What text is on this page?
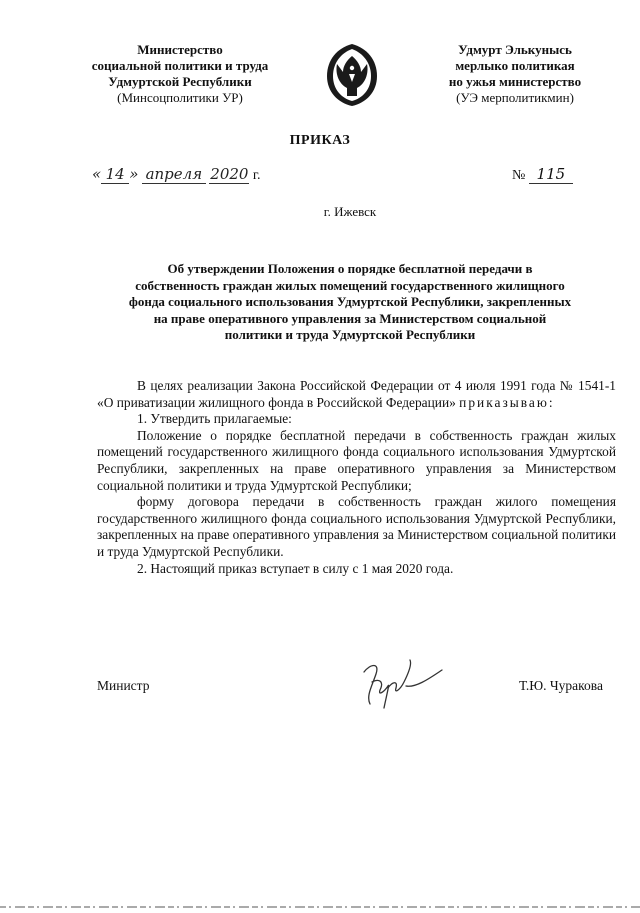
Министерство
социальной политики и труда
Удмуртской Республики
(Минсоцполитики УР)
Удмурт Элькунысь
мерлыко политикая
но ужья министерство
(УЭ мерполитикмин)
ПРИКАЗ
« 14 » апреля 2020 г.	№ 115
г. Ижевск
Об утверждении Положения о порядке бесплатной передачи в
собственность граждан жилых помещений государственного жилищного
фонда социального использования Удмуртской Республики, закрепленных
на праве оперативного управления за Министерством социальной
политики и труда Удмуртской Республики

В целях реализации Закона Российской Федерации от 4 июля 1991 года № 1541-1 «О приватизации жилищного фонда в Российской Федерации» приказываю:

1. Утвердить прилагаемые:

Положение о порядке бесплатной передачи в собственность граждан жилых помещений государственного жилищного фонда социального использования Удмуртской Республики, закрепленных на праве оперативного управления за Министерством социальной политики и труда Удмуртской Республики;

форму договора передачи в собственность граждан жилого помещения государственного жилищного фонда социального использования Удмуртской Республики, закрепленных на праве оперативного управления за Министерством социальной политики и труда Удмуртской Республики.

2. Настоящий приказ вступает в силу с 1 мая 2020 года.

Министр	Т.Ю. Чуракова
